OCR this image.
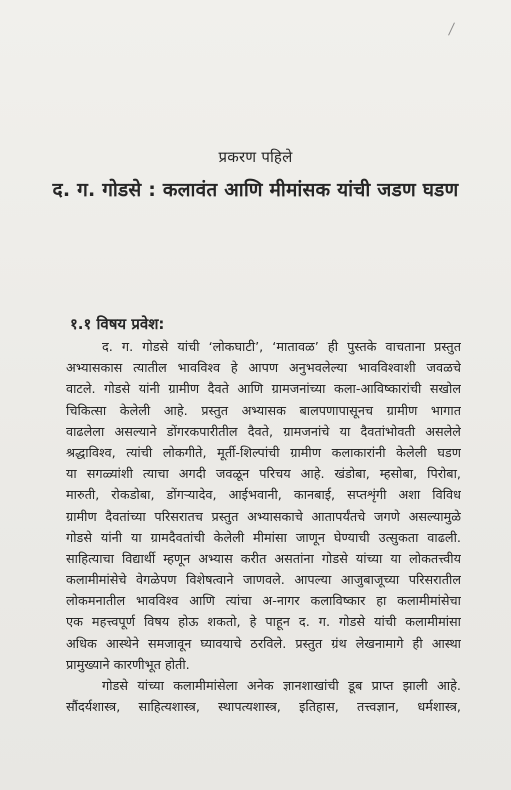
प्रकरण पहिले
द. ग. गोडसे : कलावंत आणि मीमांसक यांची जडण घडण
१.१ विषय प्रवेश:
द. ग. गोडसे यांची ‘लोकघाटी’, ‘मातावळ’ ही पुस्तके वाचताना प्रस्तुत
अभ्यासकास त्यातील भावविश्व हे आपण अनुभवलेल्या भावविश्वाशी जवळचे
वाटले. गोडसे यांनी ग्रामीण दैवते आणि ग्रामजनांच्या कला-आविष्कारांची सखोल
चिकित्सा केलेली आहे. प्रस्तुत अभ्यासक बालपणापासूनच ग्रामीण भागात
वाढलेला असल्याने डोंगरकपारीतील दैवते, ग्रामजनांचे या दैवतांभोवती असलेले
श्रद्धाविश्व, त्यांची लोकगीते, मूर्ती-शिल्पांची ग्रामीण कलाकारांनी केलेली घडण
या सगळ्यांशी त्याचा अगदी जवळून परिचय आहे. खंडोबा, म्हसोबा, पिरोबा,
मारुती, रोकडोबा, डोंगऱ्यादेव, आईभवानी, कानबाई, सप्तशृंगी अशा विविध
ग्रामीण दैवतांच्या परिसरातच प्रस्तुत अभ्यासकाचे आतापर्यंतचे जगणे असल्यामुळे
गोडसे यांनी या ग्रामदैवतांची केलेली मीमांसा जाणून घेण्याची उत्सुकता वाढली.
साहित्याचा विद्यार्थी म्हणून अभ्यास करीत असतांना गोडसे यांच्या या लोकतत्त्वीय
कलामीमांसेचे वेगळेपण विशेषत्वाने जाणवले. आपल्या आजुबाजूच्या परिसरातील
लोकमनातील भावविश्व आणि त्यांचा अ-नागर कलाविष्कार हा कलामीमांसेचा
एक महत्त्वपूर्ण विषय होऊ शकतो, हे पाहून द. ग. गोडसे यांची कलामीमांसा
अधिक आस्थेने समजावून घ्यावयाचे ठरविले. प्रस्तुत ग्रंथ लेखनामागे ही आस्था
प्रामुख्याने कारणीभूत होती.
गोडसे यांच्या कलामीमांसेला अनेक ज्ञानशाखांची डूब प्राप्त झाली आहे.
सौंदर्यशास्त्र, साहित्यशास्त्र, स्थापत्यशास्त्र, इतिहास, तत्त्वज्ञान, धर्मशास्त्र,
